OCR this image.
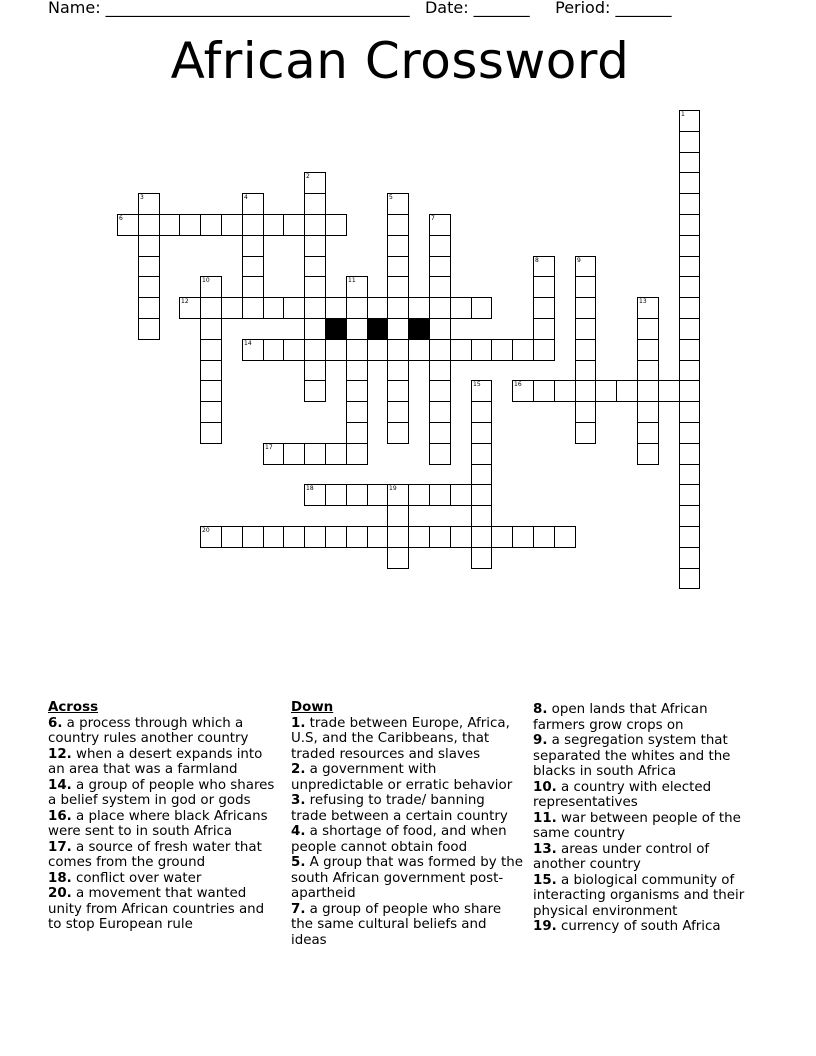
Name: ______________________________________ Date: _______ Period: _______
African Crossword
1
2
3	4	5
6	7
8	9
10	11
12	13
14
15	16
17
18	19
20
Across
6. a process through which a country rules another country
12. when a desert expands into an area that was a farmland
14. a group of people who shares a belief system in god or gods
16. a place where black Africans were sent to in south Africa
17. a source of fresh water that comes from the ground
18. conflict over water
20. a movement that wanted unity from African countries and to stop European rule
Down
1. trade between Europe, Africa, U.S, and the Caribbeans, that traded resources and slaves
2. a government with unpredictable or erratic behavior
3. refusing to trade/ banning trade between a certain country
4. a shortage of food, and when people cannot obtain food
5. A group that was formed by the south African government post-apartheid
7. a group of people who share the same cultural beliefs and ideas
8. open lands that African farmers grow crops on
9. a segregation system that separated the whites and the blacks in south Africa
10. a country with elected representatives
11. war between people of the same country
13. areas under control of another country
15. a biological community of interacting organisms and their physical environment
19. currency of south Africa
